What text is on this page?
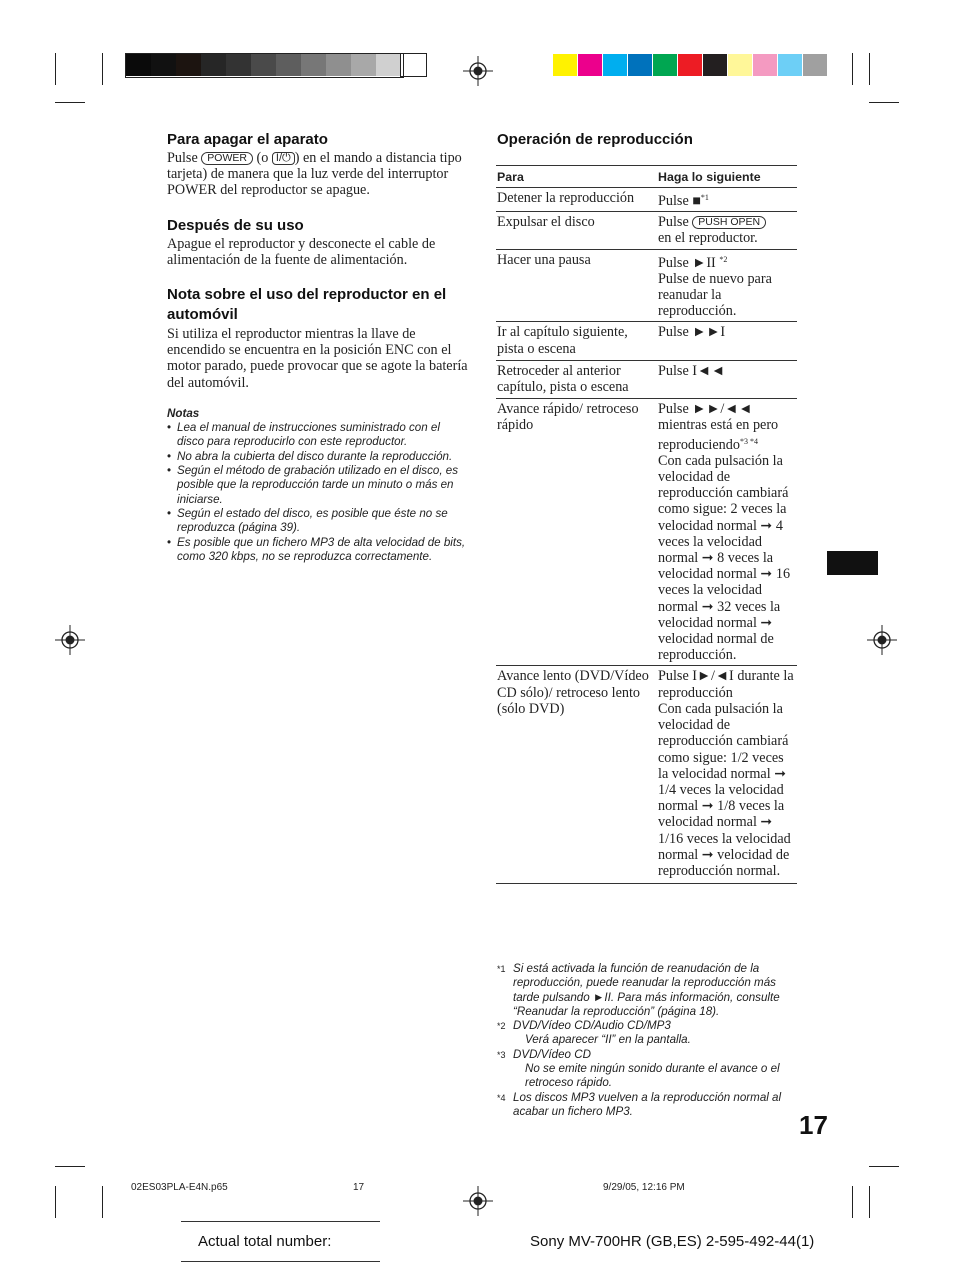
Para apagar el aparato
Pulse POWER (o I/⏻ ) en el mando a distancia tipo tarjeta) de manera que la luz verde del interruptor POWER del reproductor se apague.
Después de su uso
Apague el reproductor y desconecte el cable de alimentación de la fuente de alimentación.
Nota sobre el uso del reproductor en el automóvil
Si utiliza el reproductor mientras la llave de encendido se encuentra en la posición ENC con el motor parado, puede provocar que se agote la batería del automóvil.
Notas
• Lea el manual de instrucciones suministrado con el disco para reproducirlo con este reproductor.
• No abra la cubierta del disco durante la reproducción.
• Según el método de grabación utilizado en el disco, es posible que la reproducción tarde un minuto o más en iniciarse.
• Según el estado del disco, es posible que éste no se reproduzca (página 39).
• Es posible que un fichero MP3 de alta velocidad de bits, como 320 kbps, no se reproduzca correctamente.
Operación de reproducción
Para	Haga lo siguiente
Detener la reproducción	Pulse ■$^{*1}$
Expulsar el disco	Pulse PUSH OPEN
en el reproductor.
Hacer una pausa	Pulse ►II $^{*2}$
Pulse de nuevo para reanudar la reproducción.
Ir al capítulo siguiente, pista o escena	Pulse ►►I
Retroceder al anterior capítulo, pista o escena	Pulse I◄◄
Avance rápido/ retroceso rápido	Pulse ►►/◄◄ mientras está en pero reproduciendo$^{*3 *4}$
Con cada pulsación la velocidad de reproducción cambiará como sigue: 2 veces la velocidad normal ➞ 4 veces la velocidad normal ➞ 8 veces la velocidad normal ➞ 16 veces la velocidad normal ➞ 32 veces la velocidad normal ➞ velocidad normal de reproducción.
Avance lento (DVD/Vídeo CD sólo)/ retroceso lento (sólo DVD)	Pulse I►/◄I durante la reproducción
Con cada pulsación la velocidad de reproducción cambiará como sigue: 1/2 veces la velocidad normal ➞ 1/4 veces la velocidad normal ➞ 1/8 veces la velocidad normal ➞ 1/16 veces la velocidad normal ➞ velocidad de reproducción normal.
*1 Si está activada la función de reanudación de la reproducción, puede reanudar la reproducción más tarde pulsando ►II. Para más información, consulte “Reanudar la reproducción” (página 18).
*2 DVD/Vídeo CD/Audio CD/MP3
Verá aparecer “II” en la pantalla.
*3 DVD/Vídeo CD
No se emite ningún sonido durante el avance o el retroceso rápido.
*4 Los discos MP3 vuelven a la reproducción normal al acabar un fichero MP3.	17
02ES03PLA-E4N.p65	17	9/29/05, 12:16 PM
Actual total number:	Sony MV-700HR (GB,ES) 2-595-492-44(1)
